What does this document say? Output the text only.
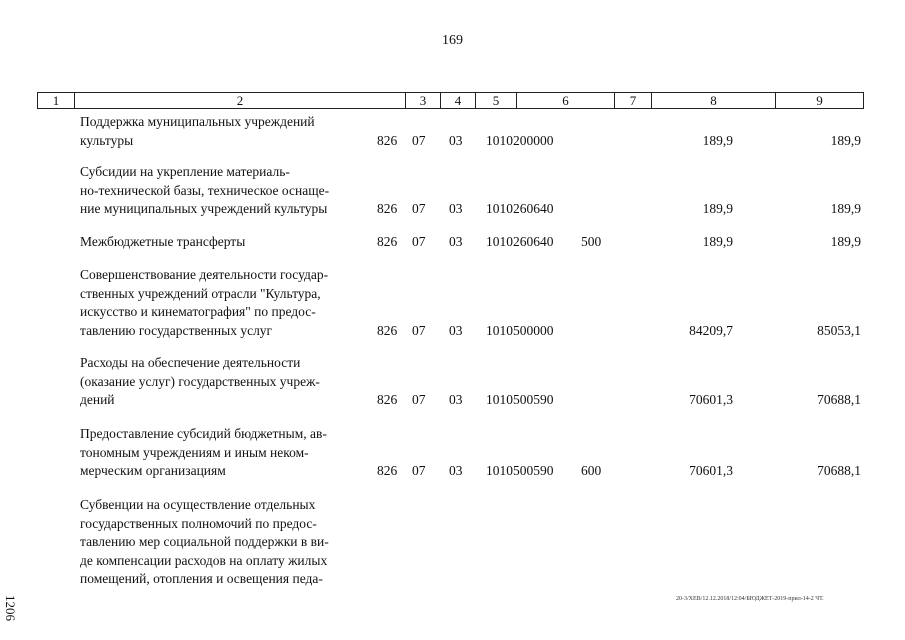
169
1	2	3	4	5	6	7	8	9
Поддержка муниципальных учреждений
культуры	826 07 03 1010200000	189,9	189,9
Субсидии на укрепление материаль-
но-технической базы, техническое оснаще-
ние муниципальных учреждений культуры	826 07 03 1010260640	189,9	189,9
Межбюджетные трансферты	826 07 03 1010260640 500	189,9	189,9
Совершенствование деятельности государ-
ственных учреждений отрасли "Культура,
искусство и кинематография" по предос-
тавлению государственных услуг	826 07 03 1010500000	84209,7	85053,1
Расходы на обеспечение деятельности
(оказание услуг) государственных учреж-
дений	826 07 03 1010500590	70601,3	70688,1
Предоставление субсидий бюджетным, ав-
тономным учреждениям и иным неком-
мерческим организациям	826 07 03 1010500590 600	70601,3	70688,1
Субвенции на осуществление отдельных
государственных полномочий по предос-
тавлению мер социальной поддержки в ви-
де компенсации расходов на оплату жилых
помещений, отопления и освещения педа-
20-3/ХЕВ/12.12.2018/12:04/БЮДЖЕТ-2019-прил-14-2 ЧТ.
1206
